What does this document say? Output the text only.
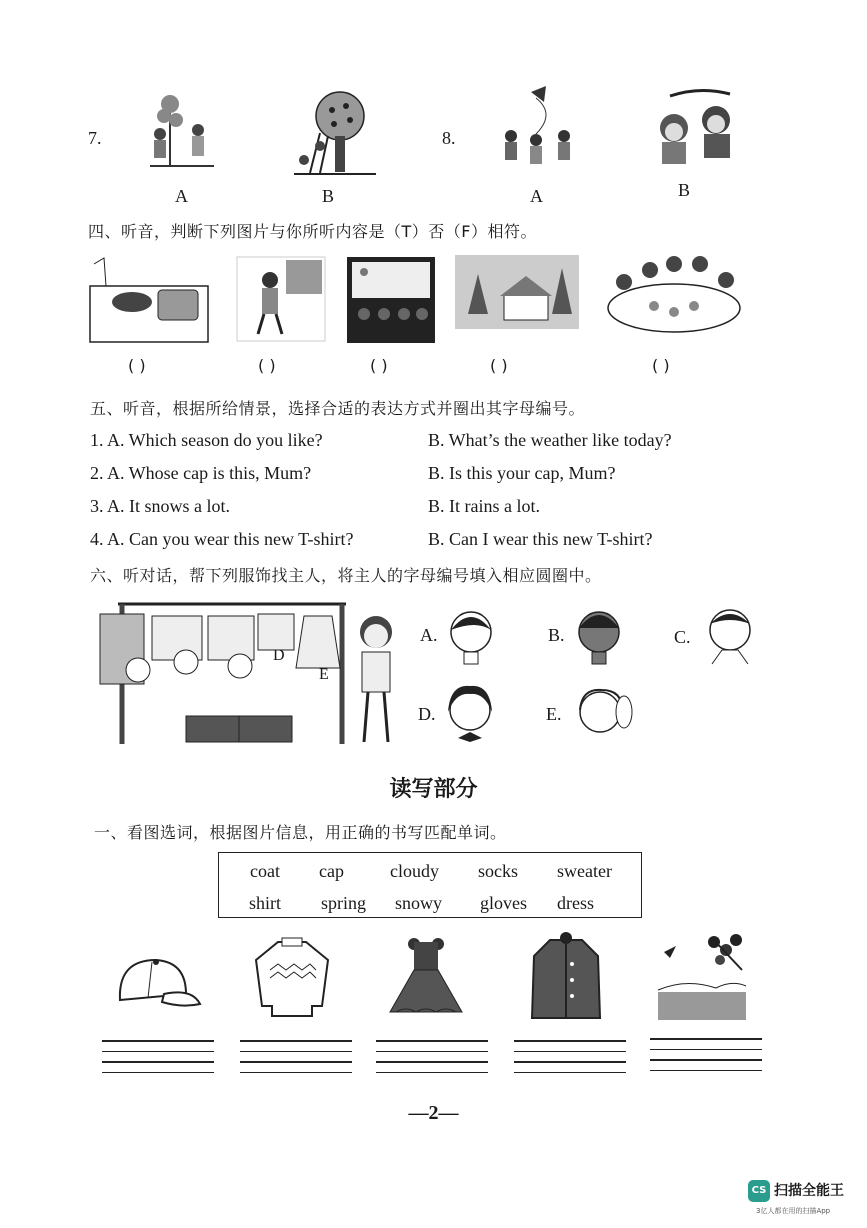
7.
A	B
8.
A	B
四、听音，判断下列图片与你所听内容是（T）否（F）相符。
( )	( )	( )	( )	( )
五、听音，根据所给情景，选择合适的表达方式并圈出其字母编号。
1. A. Which season do you like?	B. What’s the weather like today?
2. A. Whose cap is this, Mum?	B. Is this your cap, Mum?
3. A. It snows a lot.	B. It rains a lot.
4. A. Can you wear this new T-shirt?	B. Can I wear this new T-shirt?
六、听对话，帮下列服饰找主人，将主人的字母编号填入相应圆圈中。
D
E
A.	B.	C.
D.	E.
读写部分
一、看图选词，根据图片信息，用正确的书写匹配单词。
coat cap	cloudy socks sweater
shirt spring snowy gloves dress
—2—
CS 扫描全能王
3亿人都在用的扫描App
